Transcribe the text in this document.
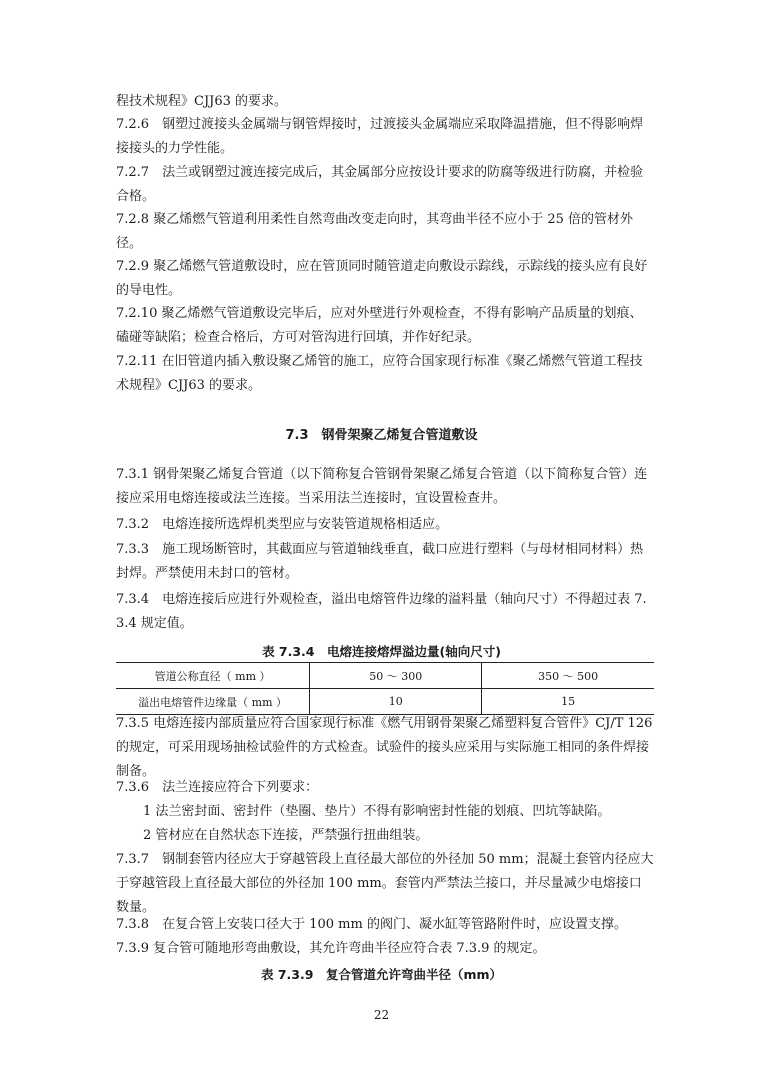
程技术规程》CJJ63 的要求。

7.2.6　钢塑过渡接头金属端与钢管焊接时，过渡接头金属端应采取降温措施，但不得影响焊接接头的力学性能。

7.2.7　法兰或钢塑过渡连接完成后，其金属部分应按设计要求的防腐等级进行防腐，并检验合格。

7.2.8 聚乙烯燃气管道利用柔性自然弯曲改变走向时，其弯曲半径不应小于 25 倍的管材外径。

7.2.9 聚乙烯燃气管道敷设时，应在管顶同时随管道走向敷设示踪线，示踪线的接头应有良好的导电性。

7.2.10 聚乙烯燃气管道敷设完毕后，应对外壁进行外观检查，不得有影响产品质量的划痕、磕碰等缺陷；检查合格后，方可对管沟进行回填，并作好纪录。

7.2.11 在旧管道内插入敷设聚乙烯管的施工，应符合国家现行标准《聚乙烯燃气管道工程技术规程》CJJ63 的要求。

7.3　钢骨架聚乙烯复合管道敷设

7.3.1 钢骨架聚乙烯复合管道（以下简称复合管钢骨架聚乙烯复合管道（以下简称复合管）连接应采用电熔连接或法兰连接。当采用法兰连接时，宜设置检查井。

7.3.2　电熔连接所选焊机类型应与安装管道规格相适应。

7.3.3　施工现场断管时，其截面应与管道轴线垂直，截口应进行塑料（与母材相同材料）热封焊。严禁使用未封口的管材。

7.3.4　电熔连接后应进行外观检查，溢出电熔管件边缘的溢料量（轴向尺寸）不得超过表 7.3.4 规定值。

表 7.3.4　电熔连接熔焊溢边量(轴向尺寸)
管道公称直径（ mm ）	50 ～ 300	350 ～ 500
溢出电熔管件边缘量（ mm ）	10	15

7.3.5 电熔连接内部质量应符合国家现行标准《燃气用钢骨架聚乙烯塑料复合管件》CJ/T 126 的规定，可采用现场抽检试验件的方式检查。试验件的接头应采用与实际施工相同的条件焊接制备。

7.3.6　法兰连接应符合下列要求：

1 法兰密封面、密封件（垫圈、垫片）不得有影响密封性能的划痕、凹坑等缺陷。

2 管材应在自然状态下连接，严禁强行扭曲组装。

7.3.7　钢制套管内径应大于穿越管段上直径最大部位的外径加 50 mm；混凝土套管内径应大于穿越管段上直径最大部位的外径加 100 mm。套管内严禁法兰接口，并尽量减少电熔接口数量。

7.3.8　在复合管上安装口径大于 100 mm 的阀门、凝水缸等管路附件时，应设置支撑。

7.3.9 复合管可随地形弯曲敷设，其允许弯曲半径应符合表 7.3.9 的规定。

表 7.3.9　复合管道允许弯曲半径（mm）
22
